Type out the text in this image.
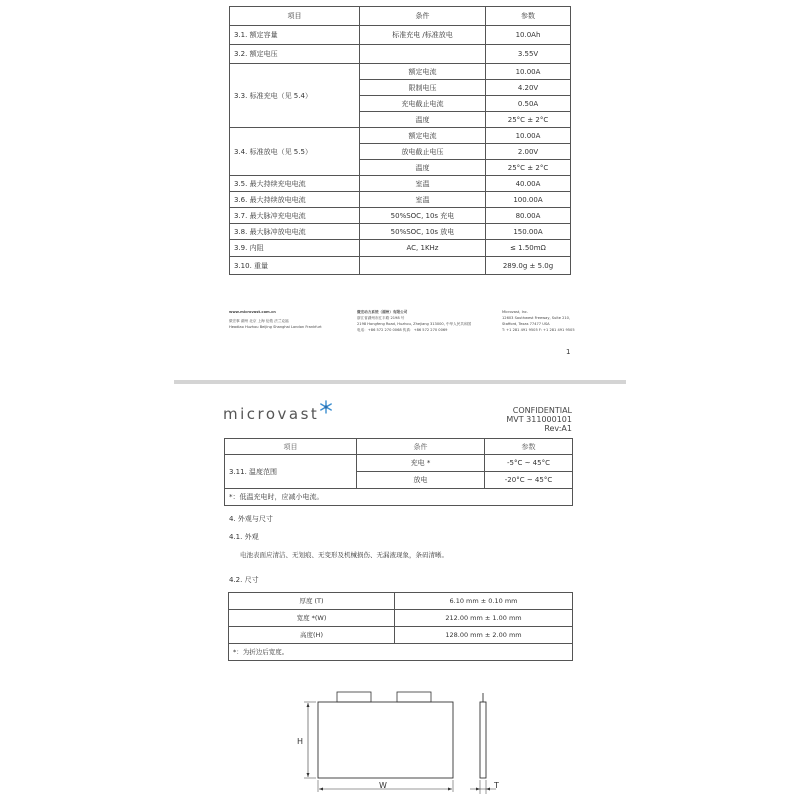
项目	条件	参数
3.1. 额定容量	标准充电 /标准放电	10.0Ah
3.2. 额定电压		3.55V
3.3. 标准充电（见 5.4）	额定电流	10.00A
	限制电压	4.20V
	充电截止电流	0.50A
	温度	25°C ± 2°C
3.4. 标准放电（见 5.5）	额定电流	10.00A
	放电截止电压	2.00V
	温度	25°C ± 2°C
3.5. 最大持续充电电流	室温	40.00A
3.6. 最大持续放电电流	室温	100.00A
3.7. 最大脉冲充电电流	50%SOC, 10s 充电	80.00A
3.8. 最大脉冲放电电流	50%SOC, 10s 放电	150.00A
3.9. 内阻	AC, 1KHz	≤ 1.50mΩ
3.10. 重量		289.0g ± 5.0g
www.microvast.com.cn
微宏事 湖州 北京 上海 伦敦 法兰克福
Headiao Huzhou Beijing Shanghai London Frankfurt
微宏动力系统（湖州）有限公司
浙江省湖州市红丰路 2198 号
2198 Hongfeng Road, Huzhou, Zhejiang 313000, 中华人民共和国
电话：+86 572 270 0068 传真：+86 572 270 0069
Microvast, Inc.
12603 Southwest Freeway, Suite 210,
Stafford, Texas 77477 USA
T: +1 281 491 9505 F: +1 281 491 9505
1
microvast	CONFIDENTIAL
MVT 311000101
Rev:A1
项目	条件	参数
3.11. 温度范围	充电 *	-5°C ~ 45°C
	放电	-20°C ~ 45°C
*：低温充电时，应减小电流。		
4. 外观与尺寸
4.1. 外观
电池表面应清洁、无划痕、无变形及机械损伤、无漏液现象，条码清晰。
4.2. 尺寸
厚度 (T)	6.10 mm ± 0.10 mm
宽度 *(W)	212.00 mm ± 1.00 mm
高度(H)	128.00 mm ± 2.00 mm
*：为折边后宽度。	
H
W	T
